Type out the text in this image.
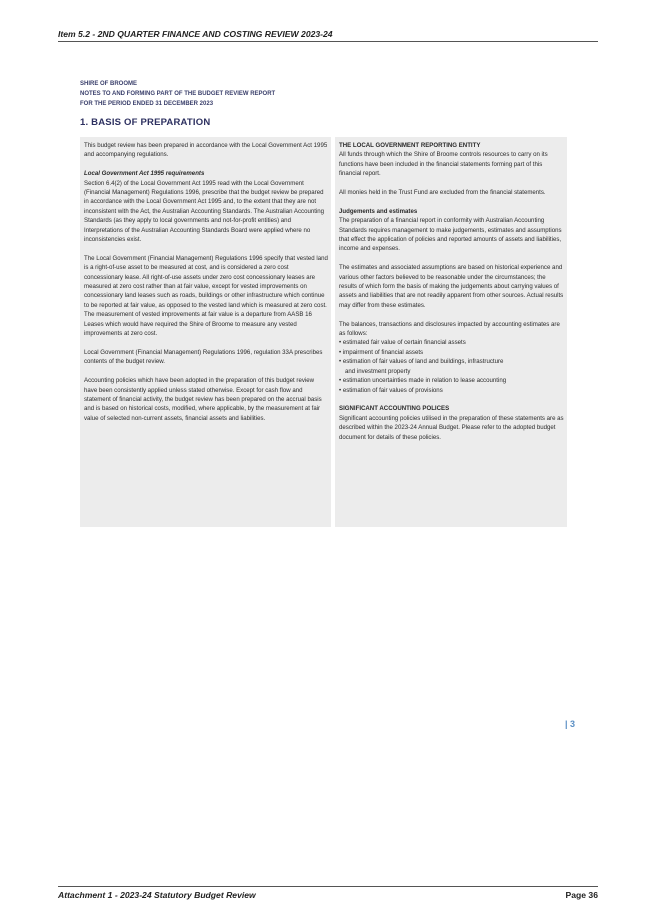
Item 5.2 - 2ND QUARTER FINANCE AND COSTING REVIEW 2023-24
SHIRE OF BROOME
NOTES TO AND FORMING PART OF THE BUDGET REVIEW REPORT
FOR THE PERIOD ENDED 31 DECEMBER 2023
1. BASIS OF PREPARATION

This budget review has been prepared in accordance with the Local Government Act 1995 and accompanying regulations.

Local Government Act 1995 requirements

Section 6.4(2) of the Local Government Act 1995 read with the Local Government (Financial Management) Regulations 1996, prescribe that the budget review be prepared in accordance with the Local Government Act 1995 and, to the extent that they are not inconsistent with the Act, the Australian Accounting Standards. The Australian Accounting Standards (as they apply to local governments and not-for-profit entities) and Interpretations of the Australian Accounting Standards Board were applied where no inconsistencies exist.

The Local Government (Financial Management) Regulations 1996 specify that vested land is a right-of-use asset to be measured at cost, and is considered a zero cost concessionary lease. All right-of-use assets under zero cost concessionary leases are measured at zero cost rather than at fair value, except for vested improvements on concessionary land leases such as roads, buildings or other infrastructure which continue to be reported at fair value, as opposed to the vested land which is measured at zero cost. The measurement of vested improvements at fair value is a departure from AASB 16 Leases which would have required the Shire of Broome to measure any vested improvements at zero cost.

Local Government (Financial Management) Regulations 1996, regulation 33A prescribes contents of the budget review.

Accounting policies which have been adopted in the preparation of this budget review have been consistently applied unless stated otherwise. Except for cash flow and statement of financial activity, the budget review has been prepared on the accrual basis and is based on historical costs, modified, where applicable, by the measurement at fair value of selected non-current assets, financial assets and liabilities.

THE LOCAL GOVERNMENT REPORTING ENTITY

All funds through which the Shire of Broome controls resources to carry on its functions have been included in the financial statements forming part of this financial report.

All monies held in the Trust Fund are excluded from the financial statements.

Judgements and estimates

The preparation of a financial report in conformity with Australian Accounting Standards requires management to make judgements, estimates and assumptions that effect the application of policies and reported amounts of assets and liabilities, income and expenses.

The estimates and associated assumptions are based on historical experience and various other factors believed to be reasonable under the circumstances; the results of which form the basis of making the judgements about carrying values of assets and liabilities that are not readily apparent from other sources. Actual results may differ from these estimates.

The balances, transactions and disclosures impacted by accounting estimates are as follows:

• estimated fair value of certain financial assets

• impairment of financial assets

• estimation of fair values of land and buildings, infrastructure

and investment property

• estimation uncertainties made in relation to lease accounting

• estimation of fair values of provisions

SIGNIFICANT ACCOUNTING POLICES

Significant accounting policies utilised in the preparation of these statements are as described within the 2023-24 Annual Budget. Please refer to the adopted budget document for details of these policies.

| 3
Attachment 1 - 2023-24 Statutory Budget Review	Page 36
